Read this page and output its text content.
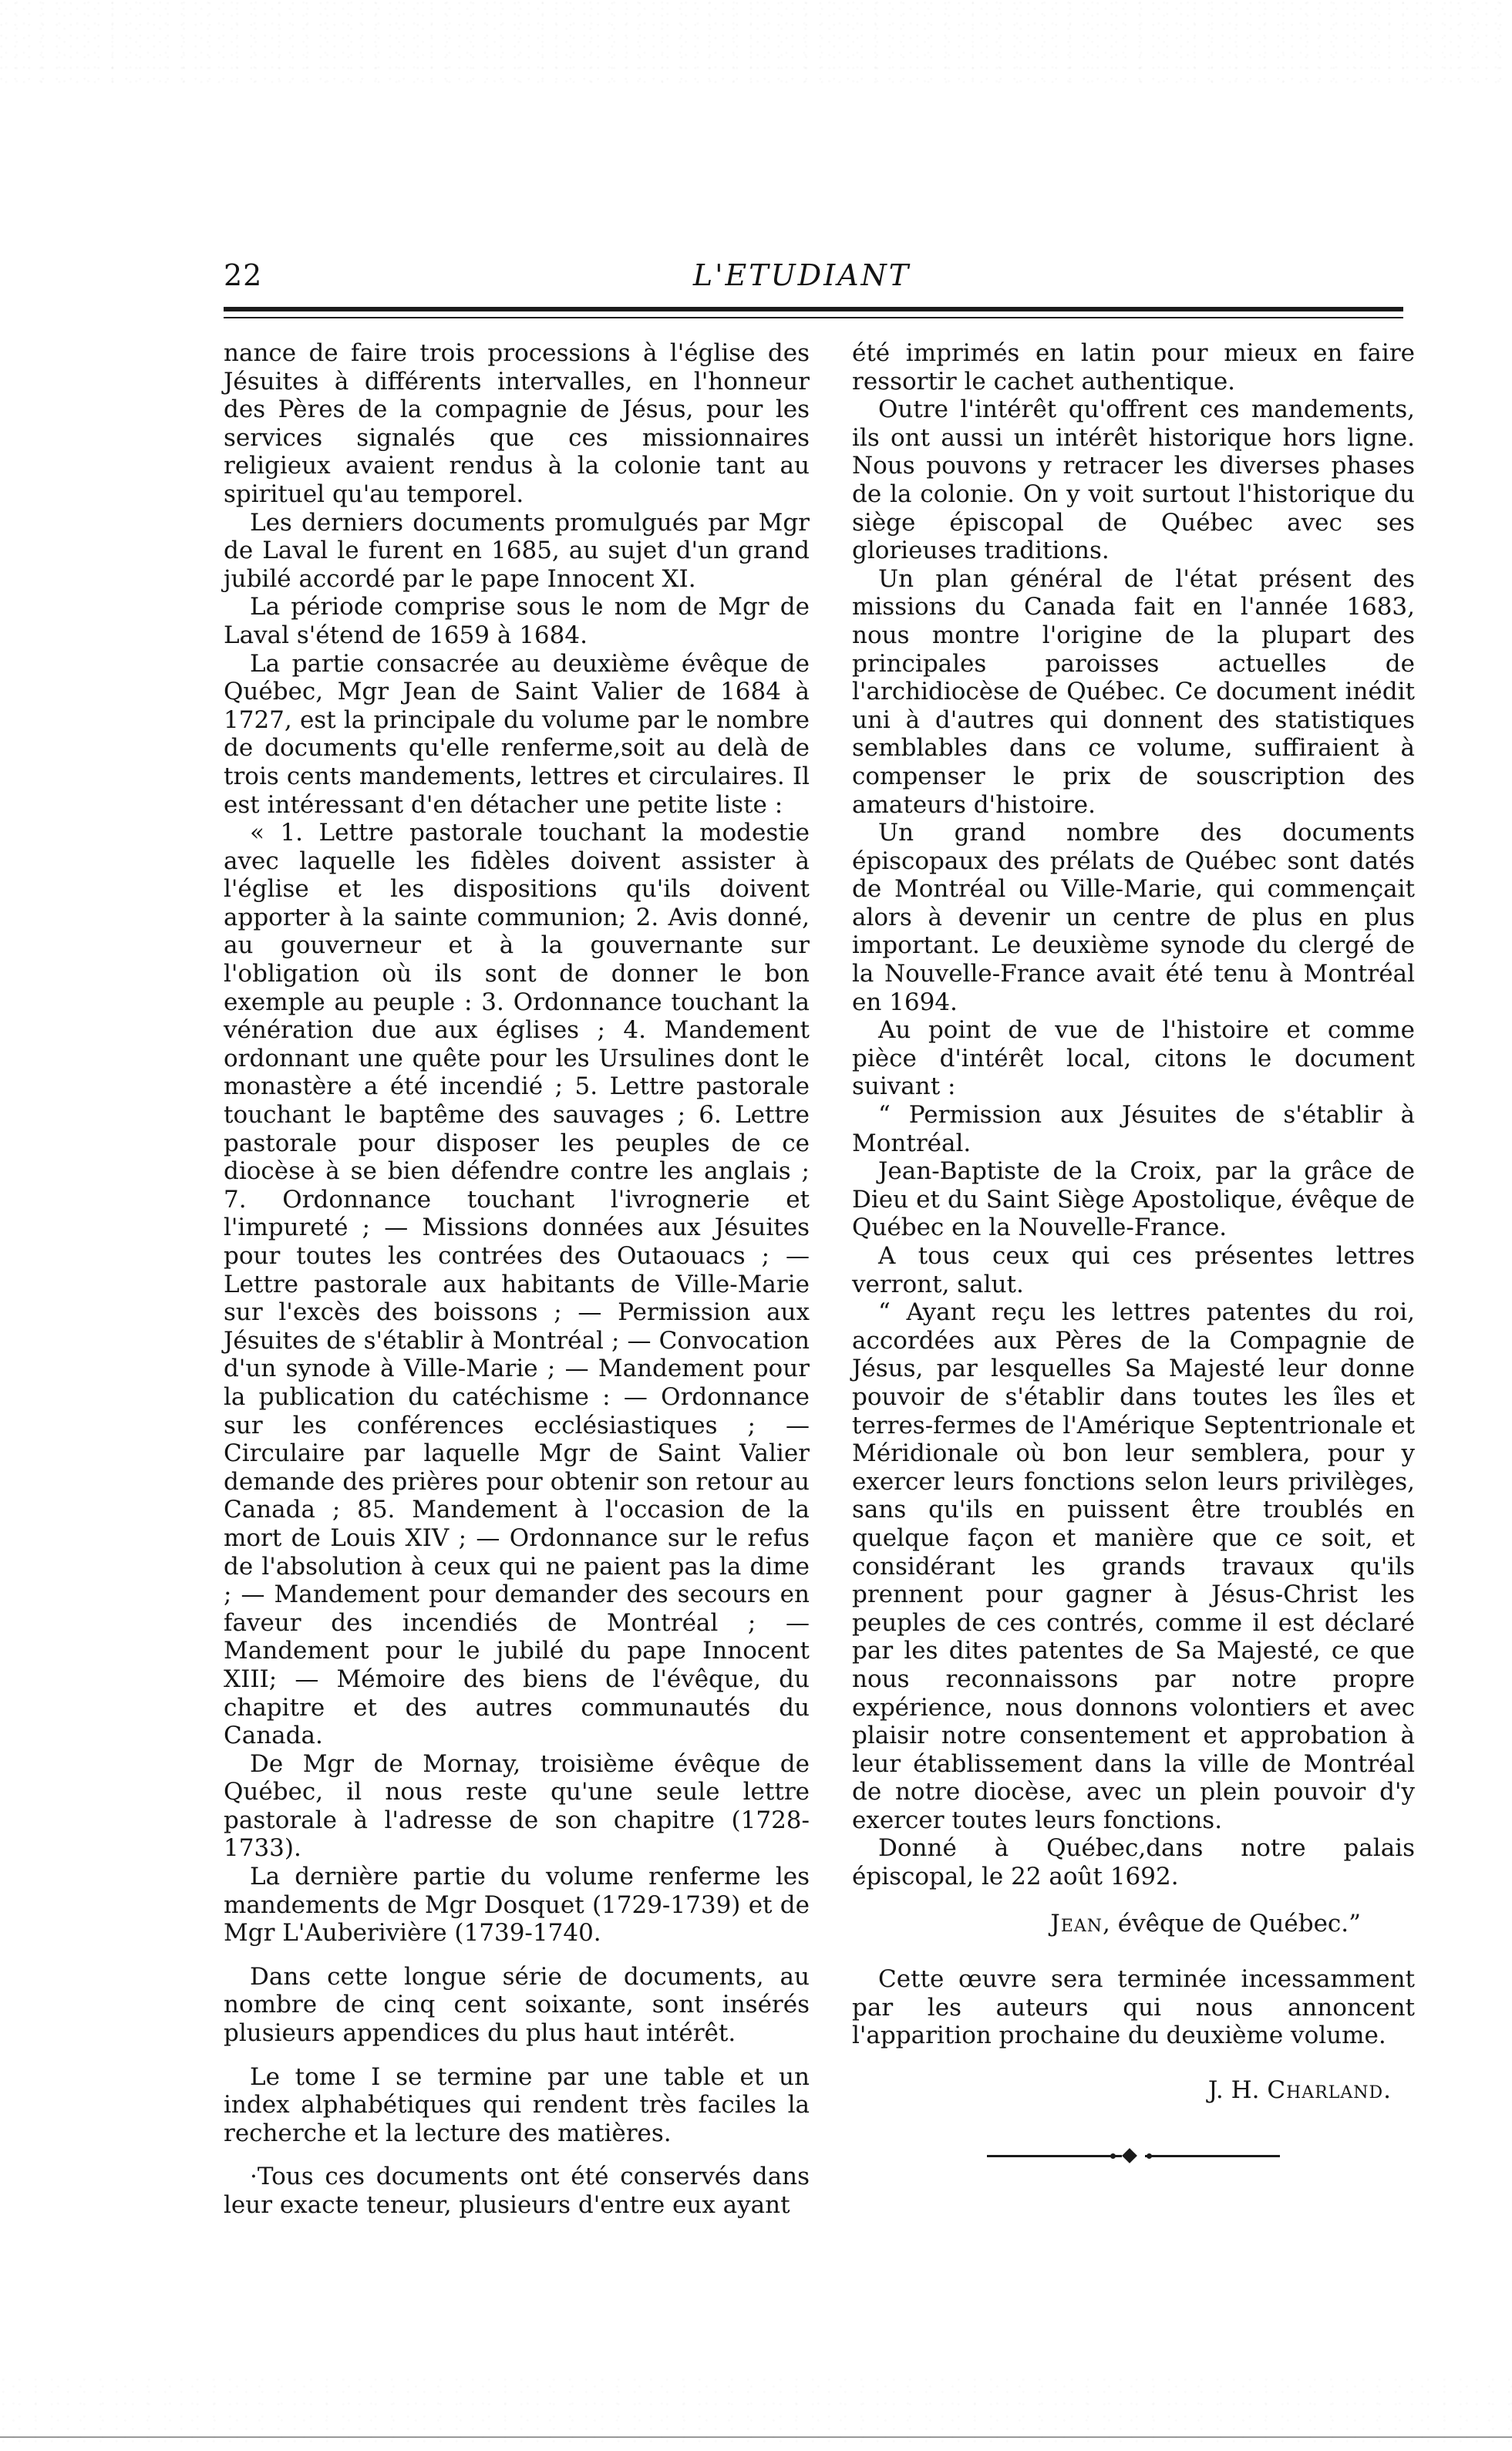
22	L'ETUDIANT

nance de faire trois processions à l'église des Jésuites à différents intervalles, en l'honneur des Pères de la compagnie de Jésus, pour les services signalés que ces missionnaires religieux avaient rendus à la colonie tant au spirituel qu'au temporel.

Les derniers documents promulgués par Mgr de Laval le furent en 1685, au sujet d'un grand jubilé accordé par le pape Innocent XI.

La période comprise sous le nom de Mgr de Laval s'étend de 1659 à 1684.

La partie consacrée au deuxième évêque de Québec, Mgr Jean de Saint Valier de 1684 à 1727, est la principale du volume par le nombre de documents qu'elle renferme,soit au delà de trois cents mandements, lettres et circulaires. Il est intéressant d'en détacher une petite liste :

« 1. Lettre pastorale touchant la modestie avec laquelle les fidèles doivent assister à l'église et les dispositions qu'ils doivent apporter à la sainte communion; 2. Avis donné, au gouverneur et à la gouvernante sur l'obligation où ils sont de donner le bon exemple au peuple : 3. Ordonnance touchant la vénération due aux églises ; 4. Mandement ordonnant une quête pour les Ursulines dont le monastère a été incendié ; 5. Lettre pastorale touchant le baptême des sauvages ; 6. Lettre pastorale pour disposer les peuples de ce diocèse à se bien défendre contre les anglais ; 7. Ordonnance touchant l'ivrognerie et l'impureté ; — Missions données aux Jésuites pour toutes les contrées des Outaouacs ; — Lettre pastorale aux habitants de Ville-Marie sur l'excès des boissons ; — Permission aux Jésuites de s'établir à Montréal ; — Convocation d'un synode à Ville-Marie ; — Mandement pour la publication du catéchisme : — Ordonnance sur les conférences ecclésiastiques ; — Circulaire par laquelle Mgr de Saint Valier demande des prières pour obtenir son retour au Canada ; 85. Mandement à l'occasion de la mort de Louis XIV ; — Ordonnance sur le refus de l'absolution à ceux qui ne paient pas la dime ; — Mandement pour demander des secours en faveur des incendiés de Montréal ; — Mandement pour le jubilé du pape Innocent XIII; — Mémoire des biens de l'évêque, du chapitre et des autres communautés du Canada.

De Mgr de Mornay, troisième évêque de Québec, il nous reste qu'une seule lettre pastorale à l'adresse de son chapitre (1728-1733).

La dernière partie du volume renferme les mandements de Mgr Dosquet (1729-1739) et de Mgr L'Auberivière (1739-1740.

Dans cette longue série de documents, au nombre de cinq cent soixante, sont insérés plusieurs appendices du plus haut intérêt.

Le tome I se termine par une table et un index alphabétiques qui rendent très faciles la recherche et la lecture des matières.

·Tous ces documents ont été conservés dans leur exacte teneur, plusieurs d'entre eux ayant

été imprimés en latin pour mieux en faire ressortir le cachet authentique.

Outre l'intérêt qu'offrent ces mandements, ils ont aussi un intérêt historique hors ligne. Nous pouvons y retracer les diverses phases de la colonie. On y voit surtout l'historique du siège épiscopal de Québec avec ses glorieuses traditions.

Un plan général de l'état présent des missions du Canada fait en l'année 1683, nous montre l'origine de la plupart des principales paroisses actuelles de l'archidiocèse de Québec. Ce document inédit uni à d'autres qui donnent des statistiques semblables dans ce volume, suffiraient à compenser le prix de souscription des amateurs d'histoire.

Un grand nombre des documents épiscopaux des prélats de Québec sont datés de Montréal ou Ville-Marie, qui commençait alors à devenir un centre de plus en plus important. Le deuxième synode du clergé de la Nouvelle-France avait été tenu à Montréal en 1694.

Au point de vue de l'histoire et comme pièce d'intérêt local, citons le document suivant :

“ Permission aux Jésuites de s'établir à Montréal.

Jean-Baptiste de la Croix, par la grâce de Dieu et du Saint Siège Apostolique, évêque de Québec en la Nouvelle-France.

A tous ceux qui ces présentes lettres verront, salut.

“ Ayant reçu les lettres patentes du roi, accordées aux Pères de la Compagnie de Jésus, par lesquelles Sa Majesté leur donne pouvoir de s'établir dans toutes les îles et terres-fermes de l'Amérique Septentrionale et Méridionale où bon leur semblera, pour y exercer leurs fonctions selon leurs privilèges, sans qu'ils en puissent être troublés en quelque façon et manière que ce soit, et considérant les grands travaux qu'ils prennent pour gagner à Jésus-Christ les peuples de ces contrés, comme il est déclaré par les dites patentes de Sa Majesté, ce que nous reconnaissons par notre propre expérience, nous donnons volontiers et avec plaisir notre consentement et approbation à leur établissement dans la ville de Montréal de notre diocèse, avec un plein pouvoir d'y exercer toutes leurs fonctions.

Donné à Québec,dans notre palais épiscopal, le 22 août 1692.

Jean, évêque de Québec.”

Cette œuvre sera terminée incessamment par les auteurs qui nous annoncent l'apparition prochaine du deuxième volume.

J. H. Charland.
